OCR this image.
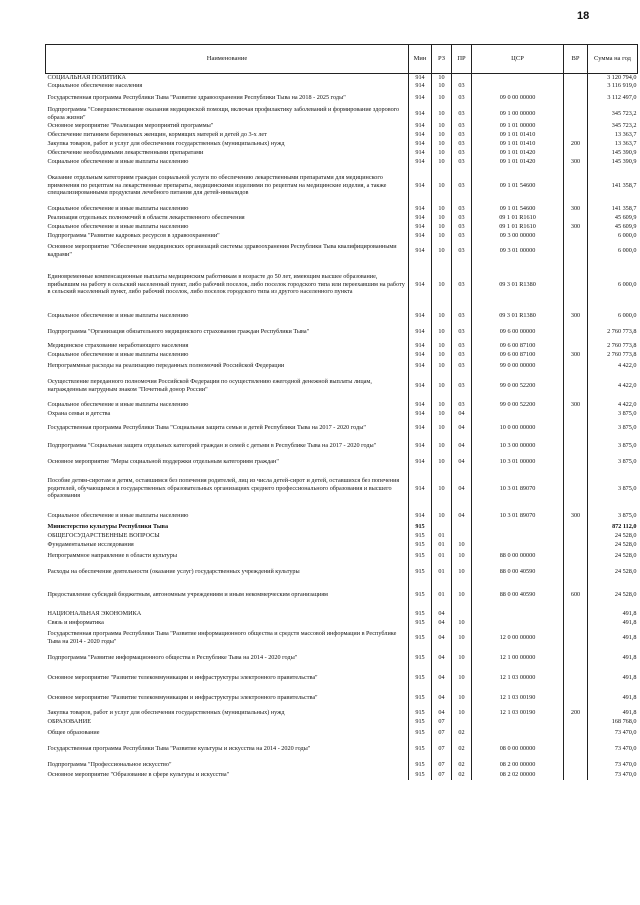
18
Наименование	Мин	РЗ	ПР	ЦСР	ВР	Сумма на год
СОЦИАЛЬНАЯ ПОЛИТИКА	914	10				3 120 794,0
Социальное обеспечение населения	914	10	03			3 116 919,0
Государственная программа Республики Тыва "Развитие здравоохранения Республики Тыва на 2018 - 2025 годы"	914	10	03	09 0 00 00000		3 112 497,0
Подпрограмма "Совершенствование оказания медицинской помощи, включая профилактику заболеваний и формирование здорового образа жизни"	914	10	03	09 1 00 00000		345 723,2
Основное мероприятие "Реализация мероприятий программы"	914	10	03	09 1 01 00000		345 723,2
Обеспечение питанием беременных женщин, кормящих матерей и детей до 3-х лет	914	10	03	09 1 01 01410		13 363,7
Закупка товаров, работ и услуг для обеспечения государственных (муниципальных) нужд	914	10	03	09 1 01 01410	200	13 363,7
Обеспечение необходимыми лекарственными препаратами	914	10	03	09 1 01 01420		145 390,9
Социальное обеспечение и иные выплаты населению	914	10	03	09 1 01 01420	300	145 390,9
Оказание отдельным категориям граждан социальной услуги по обеспечению лекарственными препаратами для медицинского применения по рецептам на лекарственные препараты, медицинскими изделиями по рецептам на медицинские изделия, а также специализированными продуктами лечебного питания для детей-инвалидов	914	10	03	09 1 01 54600		141 358,7
Социальное обеспечение и иные выплаты населению	914	10	03	09 1 01 54600	300	141 358,7
Реализация отдельных полномочий в области лекарственного обеспечения	914	10	03	09 1 01 R1610		45 609,9
Социальное обеспечение и иные выплаты населению	914	10	03	09 1 01 R1610	300	45 609,9
Подпрограмма "Развитие кадровых ресурсов в здравоохранении"	914	10	03	09 3 00 00000		6 000,0
Основное мероприятие "Обеспечение медицинских организаций системы здравоохранения Республики Тыва квалифицированными кадрами"	914	10	03	09 3 01 00000		6 000,0
Единовременные компенсационные выплаты медицинским работникам в возрасте до 50 лет, имеющим высшее образование, прибывшим на работу в сельский населенный пункт, либо рабочий поселок, либо поселок городского типа или переехавшим на работу в сельский населенный пункт, либо рабочий поселок, либо поселок городского типа из другого населенного пункта	914	10	03	09 3 01 R1380		6 000,0
Социальное обеспечение и иные выплаты населению	914	10	03	09 3 01 R1380	300	6 000,0
Подпрограмма "Организация обязательного медицинского страхования граждан Республики Тыва"	914	10	03	09 6 00 00000		2 760 773,8
Медицинское страхование неработающего населения	914	10	03	09 6 00 87100		2 760 773,8
Социальное обеспечение и иные выплаты населению	914	10	03	09 6 00 87100	300	2 760 773,8
Непрограммные расходы на реализацию переданных полномочий Российской Федерации	914	10	03	99 0 00 00000		4 422,0
Осуществление переданного полномочия Российской Федерации по осуществлению ежегодной денежной выплаты лицам, награжденным нагрудным знаком "Почетный донор России"	914	10	03	99 0 00 52200		4 422,0
Социальное обеспечение и иные выплаты населению	914	10	03	99 0 00 52200	300	4 422,0
Охрана семьи и детства	914	10	04			3 875,0
Государственная программа Республики Тыва "Социальная защита семьи и детей Республики Тыва на 2017 - 2020 годы"	914	10	04	10 0 00 00000		3 875,0
Подпрограмма "Социальная защита отдельных категорий граждан и семей с детьми в Республике Тыва на 2017 - 2020 годы"	914	10	04	10 3 00 00000		3 875,0
Основное мероприятие "Меры социальной поддержки отдельным категориям граждан"	914	10	04	10 3 01 00000		3 875,0
Пособие детям-сиротам и детям, оставшимся без попечения родителей, лиц из числа детей-сирот и детей, оставшихся без попечения родителей, обучающимся в государственных образовательных организациях среднего профессионального образования и высшего образования	914	10	04	10 3 01 89070		3 875,0
Социальное обеспечение и иные выплаты населению	914	10	04	10 3 01 89070	300	3 875,0
Министерство культуры Республики Тыва	915					872 112,0
ОБЩЕГОСУДАРСТВЕННЫЕ ВОПРОСЫ	915	01				24 528,0
Фундаментальные исследования	915	01	10			24 528,0
Непрограммное направление в области культуры	915	01	10	88 0 00 00000		24 528,0
Расходы на обеспечение деятельности (оказание услуг) государственных учреждений культуры	915	01	10	88 0 00 40590		24 528,0
Предоставление субсидий бюджетным, автономным учреждениям и иным некоммерческим организациям	915	01	10	88 0 00 40590	600	24 528,0
НАЦИОНАЛЬНАЯ ЭКОНОМИКА	915	04				491,8
Связь и информатика	915	04	10			491,8
Государственная программа Республики Тыва "Развитие информационного общества и средств массовой информации в Республике Тыва на 2014 - 2020 годы"	915	04	10	12 0 00 00000		491,8
Подпрограмма "Развитие информационного общества в Республике Тыва на 2014 - 2020 годы"	915	04	10	12 1 00 00000		491,8
Основное мероприятие "Развитие телекоммуникации и инфраструктуры электронного правительства"	915	04	10	12 1 03 00000		491,8
Основное мероприятие "Развитие телекоммуникации и инфраструктуры электронного правительства"	915	04	10	12 1 03 00190		491,8
Закупка товаров, работ и услуг для обеспечения государственных (муниципальных) нужд	915	04	10	12 1 03 00190	200	491,8
ОБРАЗОВАНИЕ	915	07				168 768,0
Общее образование	915	07	02			73 470,0
Государственная программа Республики Тыва "Развитие культуры и искусства на 2014 - 2020 годы"	915	07	02	08 0 00 00000		73 470,0
Подпрограмма "Профессиональное искусство"	915	07	02	08 2 00 00000		73 470,0
Основное мероприятие "Образование в сфере культуры и искусства"	915	07	02	08 2 02 00000		73 470,0
